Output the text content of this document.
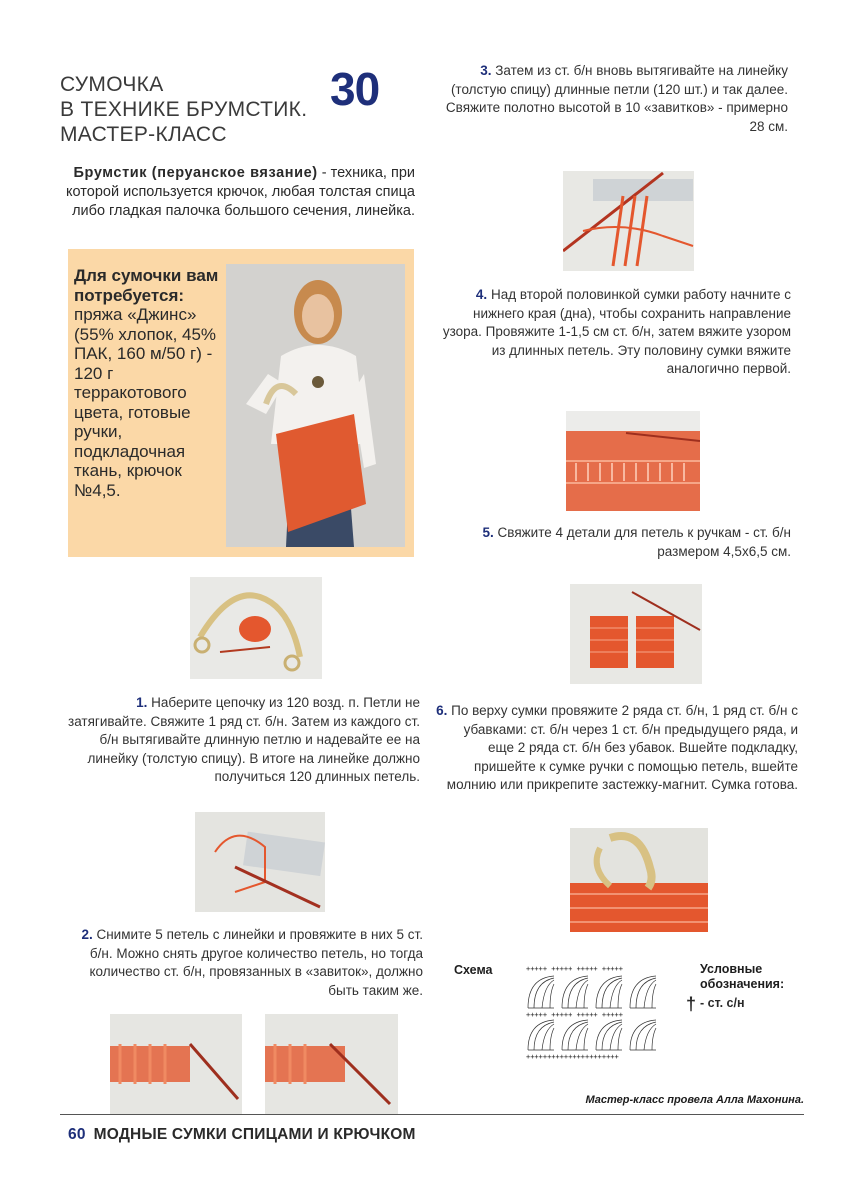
СУМОЧКА
В ТЕХНИКЕ БРУМСТИК.
МАСТЕР-КЛАСС
30
Брумстик (перуанское вязание) - техника, при которой используется крючок, любая толстая спица либо гладкая палочка большого сечения, линейка.
Для сумочки вам потребуется:
пряжа «Джинс» (55% хлопок, 45% ПАК, 160 м/50 г) - 120 г терракотового цвета, готовые ручки, подкладочная ткань, крючок №4,5.
1. Наберите цепочку из 120 возд. п. Петли не затягивайте. Свяжите 1 ряд ст. б/н. Затем из каждого ст. б/н вытягивайте длинную петлю и надевайте ее на линейку (толстую спицу). В итоге на линейке должно получиться 120 длинных петель.
2. Снимите 5 петель с линейки и провяжите в них 5 ст. б/н. Можно снять другое количество петель, но тогда количество ст. б/н, провязанных в «завиток», должно быть таким же.
3. Затем из ст. б/н вновь вытягивайте на линейку (толстую спицу) длинные петли (120 шт.) и так далее. Свяжите полотно высотой в 10 «завитков» - примерно 28 см.
4. Над второй половинкой сумки работу начните с нижнего края (дна), чтобы сохранить направление узора. Провяжите 1-1,5 см ст. б/н, затем вяжите узором из длинных петель. Эту половину сумки вяжите аналогично первой.
5. Свяжите 4 детали для петель к ручкам - ст. б/н размером 4,5х6,5 см.
6. По верху сумки провяжите 2 ряда ст. б/н, 1 ряд ст. б/н с убавками: ст. б/н через 1 ст. б/н предыдущего ряда, и еще 2 ряда ст. б/н без убавок. Вшейте подкладку, пришейте к сумке ручки с помощью петель, вшейте молнию или прикрепите застежку-магнит. Сумка готова.
Схема	+++++ +++++ +++++ +++++
+++++ +++++ +++++ +++++
++++++++++++++++++++++
Условные обозначения:
† - ст. с/н
Мастер-класс провела Алла Махонина.
60 МОДНЫЕ СУМКИ СПИЦАМИ И КРЮЧКОМ
